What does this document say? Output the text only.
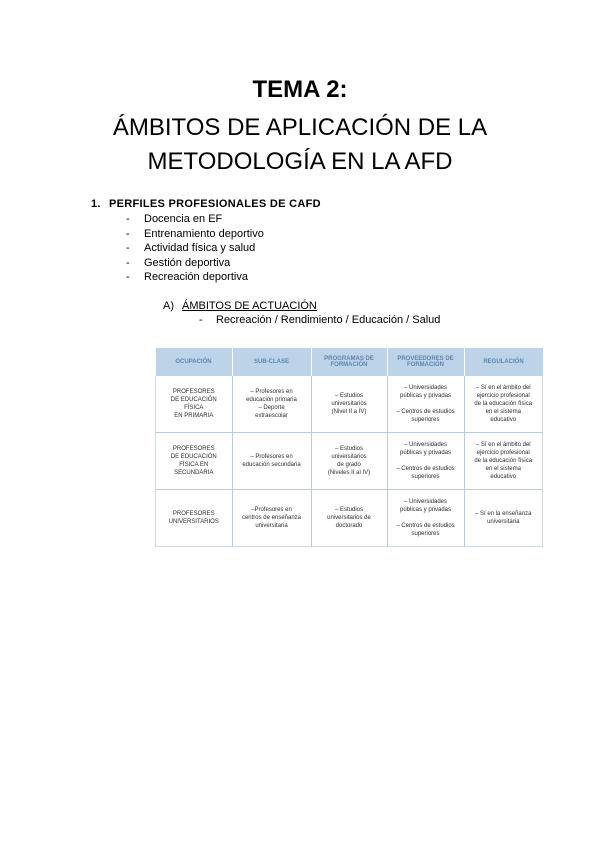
TEMA 2:
ÁMBITOS DE APLICACIÓN DE LA
METODOLOGÍA EN LA AFD
1. PERFILES PROFESIONALES DE CAFD
- Docencia en EF
- Entrenamiento deportivo
- Actividad física y salud
- Gestión deportiva
- Recreación deportiva
A) ÁMBITOS DE ACTUACIÓN
- Recreación / Rendimiento / Educación / Salud
OCUPACIÓN	SUB-CLASE	PROGRAMAS DE FORMACIÓN	PROVEEDORES DE FORMACIÓN	REGULACIÓN

PROFESORES
DE EDUCACIÓN
FÍSICA
EN PRIMARIA	– Profesores en
educación primaria
– Deporte
extraescolar	– Estudios
universitarios
(Nivel II a IV)	– Universidades
públicas y privadas
– Centros de estudios
superiores	– Sí en el ámbito del
ejercicio profesional
de la educación física
en el sistema
educativo

PROFESORES
DE EDUCACIÓN
FÍSICA EN
SECUNDARIA	– Profesores en
educación secundaria	– Estudios
universitarios
de grado
(Niveles II al IV)	– Universidades
públicas y privadas
– Centros de estudios
superiores	– Sí en el ámbito del
ejercicio profesional
de la educación física
en el sistema
educativo

PROFESORES
UNIVERSITARIOS	–Profesores en
centros de enseñanza
universitaria	– Estudios
universitarios de
doctorado	– Universidades
públicas y privadas
– Centros de estudios
superiores	– Sí en la enseñanza
universitaria
